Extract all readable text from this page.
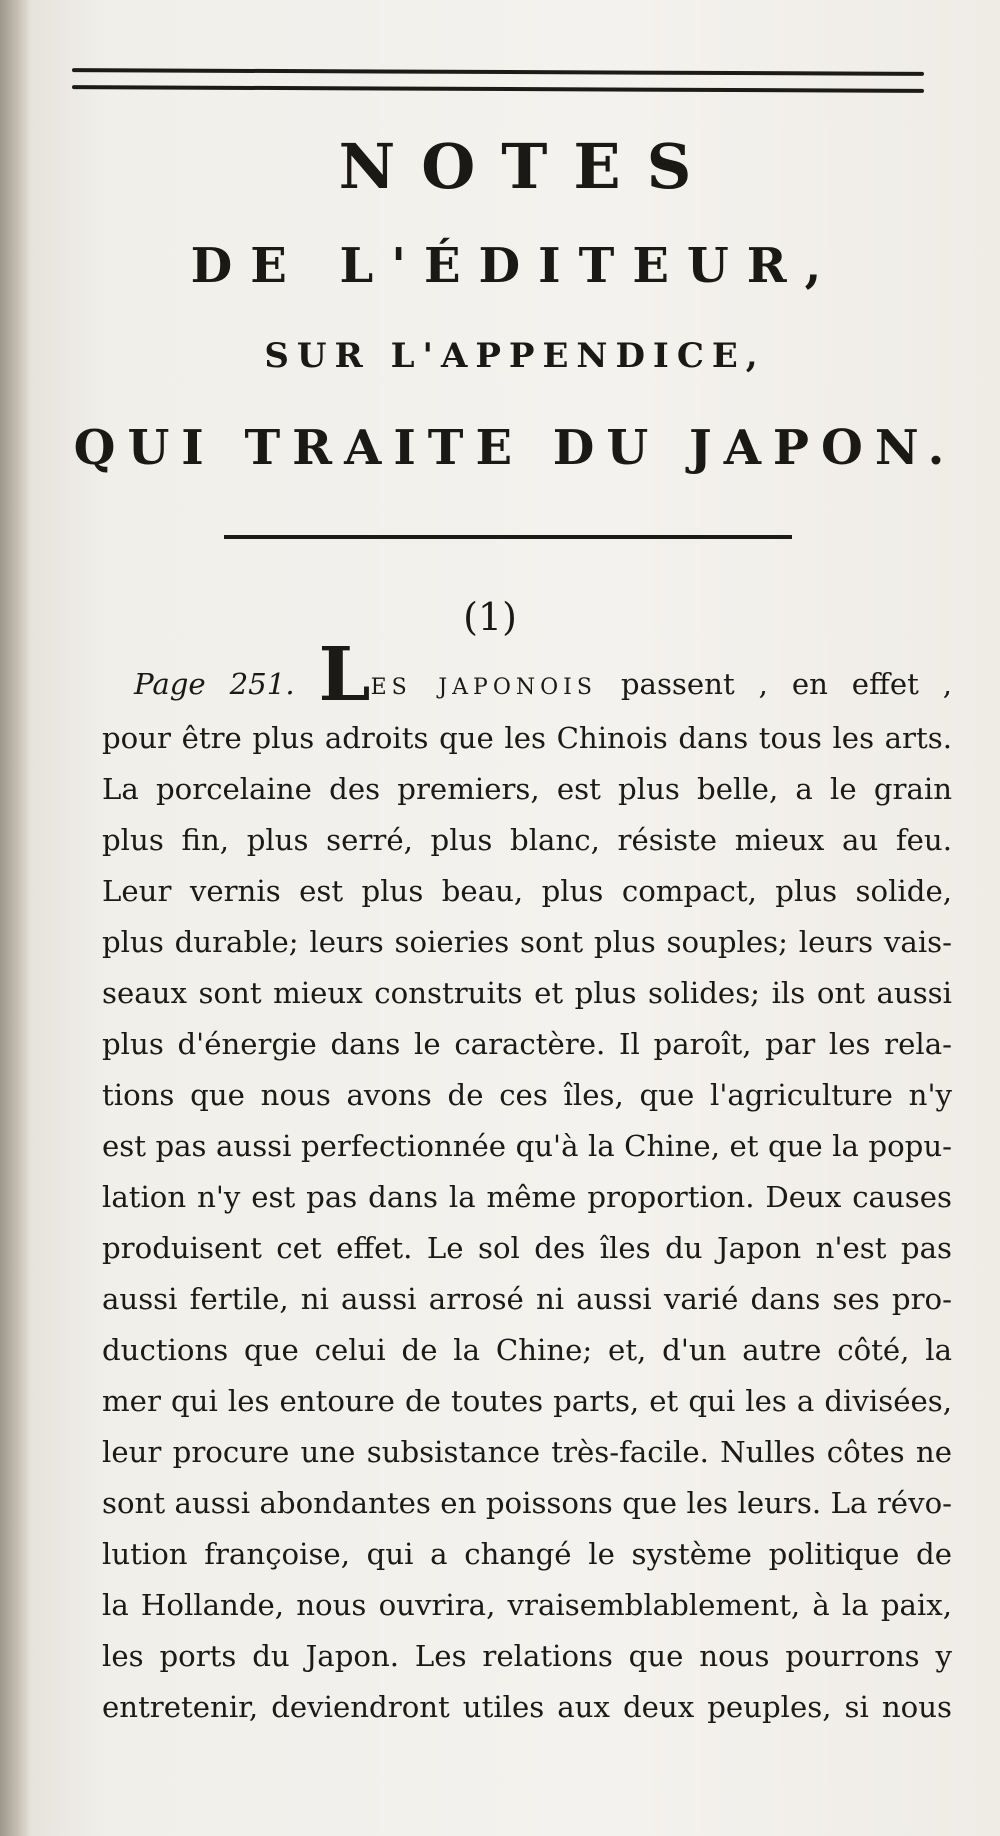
NOTES
DE L'ÉDITEUR,
SUR L'APPENDICE,
QUI TRAITE DU JAPON.
(1)
Page 251. LES JAPONOIS passent , en effet ,
pour être plus adroits que les Chinois dans tous les arts.
La porcelaine des premiers, est plus belle, a le grain
plus fin, plus serré, plus blanc, résiste mieux au feu.
Leur vernis est plus beau, plus compact, plus solide,
plus durable; leurs soieries sont plus souples; leurs vais-
seaux sont mieux construits et plus solides; ils ont aussi
plus d'énergie dans le caractère. Il paroît, par les rela-
tions que nous avons de ces îles, que l'agriculture n'y
est pas aussi perfectionnée qu'à la Chine, et que la popu-
lation n'y est pas dans la même proportion. Deux causes
produisent cet effet. Le sol des îles du Japon n'est pas
aussi fertile, ni aussi arrosé ni aussi varié dans ses pro-
ductions que celui de la Chine; et, d'un autre côté, la
mer qui les entoure de toutes parts, et qui les a divisées,
leur procure une subsistance très-facile. Nulles côtes ne
sont aussi abondantes en poissons que les leurs. La révo-
lution françoise, qui a changé le système politique de
la Hollande, nous ouvrira, vraisemblablement, à la paix,
les ports du Japon. Les relations que nous pourrons y
entretenir, deviendront utiles aux deux peuples, si nous
